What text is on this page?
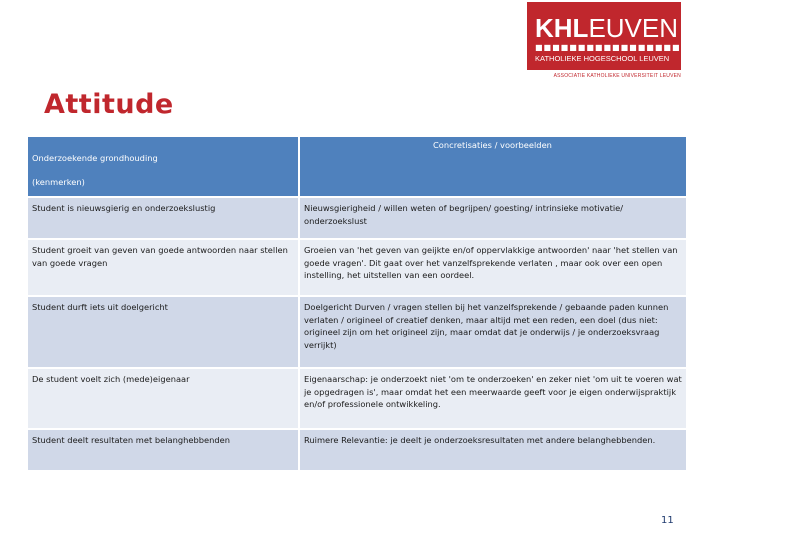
KHLEUVEN
■■■■■■■■■■■■■■■■■■■■■■■■■■■■■■
KATHOLIEKE HOGESCHOOL LEUVEN
ASSOCIATIE KATHOLIEKE UNIVERSITEIT LEUVEN
Attitude
Onderzoekende grondhouding
(kenmerken)	Concretisaties / voorbeelden

Student is nieuwsgierig en onderzoekslustig	Nieuwsgierigheid / willen weten of begrijpen/ goesting/ intrinsieke motivatie/ onderzoekslust
Student groeit van geven van goede antwoorden naar stellen van goede vragen	Groeien van 'het geven van geijkte en/of oppervlakkige antwoorden' naar 'het stellen van goede vragen'. Dit gaat over het vanzelfsprekende verlaten , maar ook over een open instelling, het uitstellen van een oordeel.
Student durft iets uit doelgericht	Doelgericht Durven / vragen stellen bij het vanzelfsprekende / gebaande paden kunnen verlaten / origineel of creatief denken, maar altijd met een reden, een doel (dus niet: origineel zijn om het origineel zijn, maar omdat dat je onderwijs / je onderzoeksvraag verrijkt)
De student voelt zich (mede)eigenaar	Eigenaarschap: je onderzoekt niet 'om te onderzoeken' en zeker niet 'om uit te voeren wat je opgedragen is', maar omdat het een meerwaarde geeft voor je eigen onderwijspraktijk en/of professionele ontwikkeling.
Student deelt resultaten met belanghebbenden	Ruimere Relevantie: je deelt je onderzoeksresultaten met andere belanghebbenden.
11
